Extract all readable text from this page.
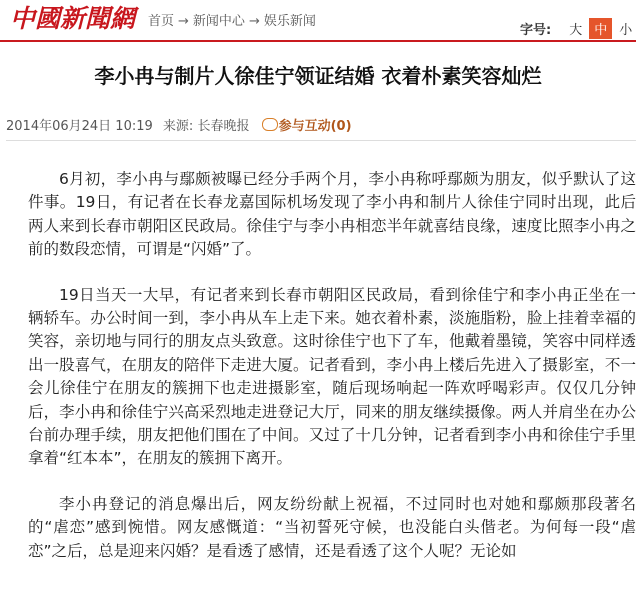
中國新聞網 首页 → 新闻中心 → 娱乐新闻
字号: 大 中 小
李小冉与制片人徐佳宁领证结婚 衣着朴素笑容灿烂
2014年06月24日 10:19 来源: 长春晚报 参与互动(0)

6月初，李小冉与鄢颇被曝已经分手两个月，李小冉称呼鄢颇为朋友，似乎默认了这件事。19日，有记者在长春龙嘉国际机场发现了李小冉和制片人徐佳宁同时出现，此后两人来到长春市朝阳区民政局。徐佳宁与李小冉相恋半年就喜结良缘，速度比照李小冉之前的数段恋情，可谓是“闪婚”了。

19日当天一大早，有记者来到长春市朝阳区民政局，看到徐佳宁和李小冉正坐在一辆轿车。办公时间一到，李小冉从车上走下来。她衣着朴素，淡施脂粉，脸上挂着幸福的笑容，亲切地与同行的朋友点头致意。这时徐佳宁也下了车，他戴着墨镜，笑容中同样透出一股喜气，在朋友的陪伴下走进大厦。记者看到，李小冉上楼后先进入了摄影室，不一会儿徐佳宁在朋友的簇拥下也走进摄影室，随后现场响起一阵欢呼喝彩声。仅仅几分钟后，李小冉和徐佳宁兴高采烈地走进登记大厅，同来的朋友继续摄像。两人并肩坐在办公台前办理手续，朋友把他们围在了中间。又过了十几分钟，记者看到李小冉和徐佳宁手里拿着“红本本”，在朋友的簇拥下离开。

李小冉登记的消息爆出后，网友纷纷献上祝福，不过同时也对她和鄢颇那段著名的“虐恋”感到惋惜。网友感慨道：“当初誓死守候，也没能白头偕老。为何每一段“虐恋”之后，总是迎来闪婚？是看透了感情，还是看透了这个人呢？无论如
